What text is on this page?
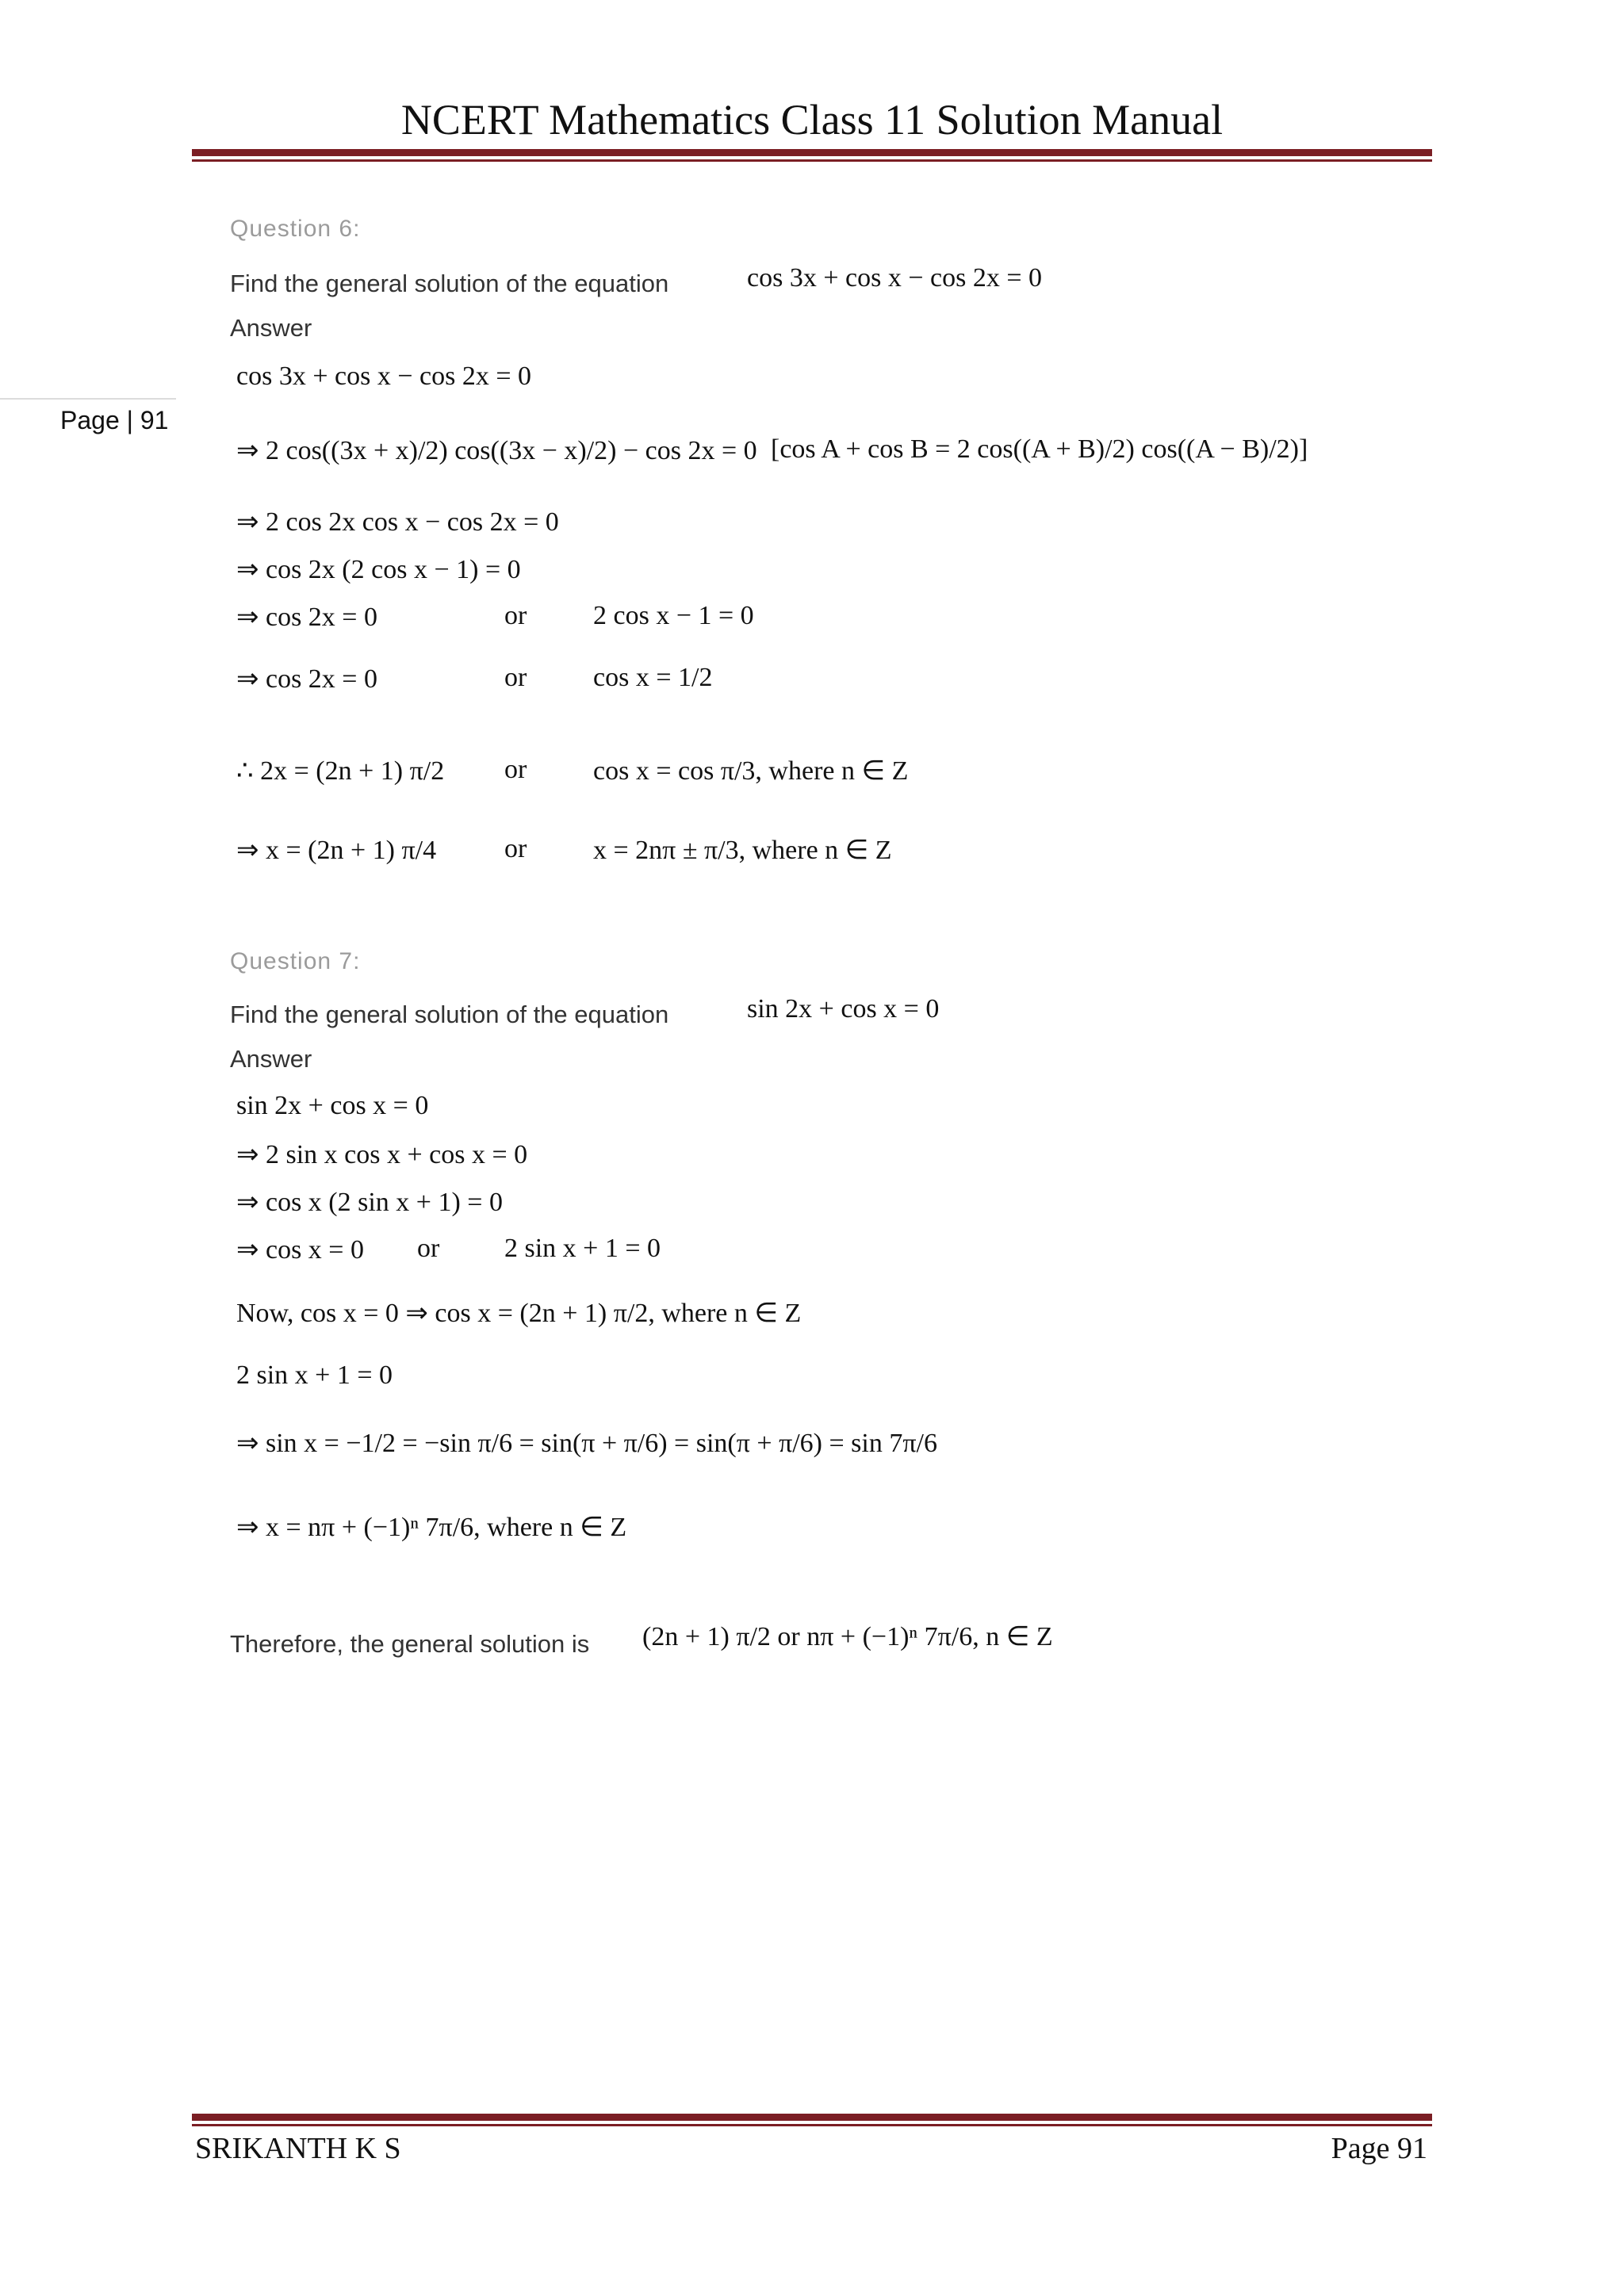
NCERT Mathematics Class 11 Solution Manual
Page | 91
Question 6:
Find the general solution of the equation	cos 3x + cos x − cos 2x = 0
Answer
cos 3x + cos x − cos 2x = 0
⇒ 2 cos((3x + x)/2) cos((3x − x)/2) − cos 2x = 0 [cos A + cos B = 2 cos((A + B)/2) cos((A − B)/2)]
⇒ 2 cos 2x cos x − cos 2x = 0
⇒ cos 2x (2 cos x − 1) = 0
⇒ cos 2x = 0	or 2 cos x − 1 = 0
⇒ cos 2x = 0	or cos x = 1/2
∴ 2x = (2n + 1) π/2 or cos x = cos π/3, where n ∈ Z
⇒ x = (2n + 1) π/4	or x = 2nπ ± π/3, where n ∈ Z
Question 7:
Find the general solution of the equation	sin 2x + cos x = 0
Answer
sin 2x + cos x = 0
⇒ 2 sin x cos x + cos x = 0
⇒ cos x (2 sin x + 1) = 0
⇒ cos x = 0 or 2 sin x + 1 = 0
Now, cos x = 0 ⇒ cos x = (2n + 1) π/2, where n ∈ Z
2 sin x + 1 = 0
⇒ sin x = −1/2 = −sin π/6 = sin(π + π/6) = sin(π + π/6) = sin 7π/6
⇒ x = nπ + (−1)ⁿ 7π/6, where n ∈ Z
Therefore, the general solution is (2n + 1) π/2 or nπ + (−1)ⁿ 7π/6, n ∈ Z
SRIKANTH K S	Page 91
